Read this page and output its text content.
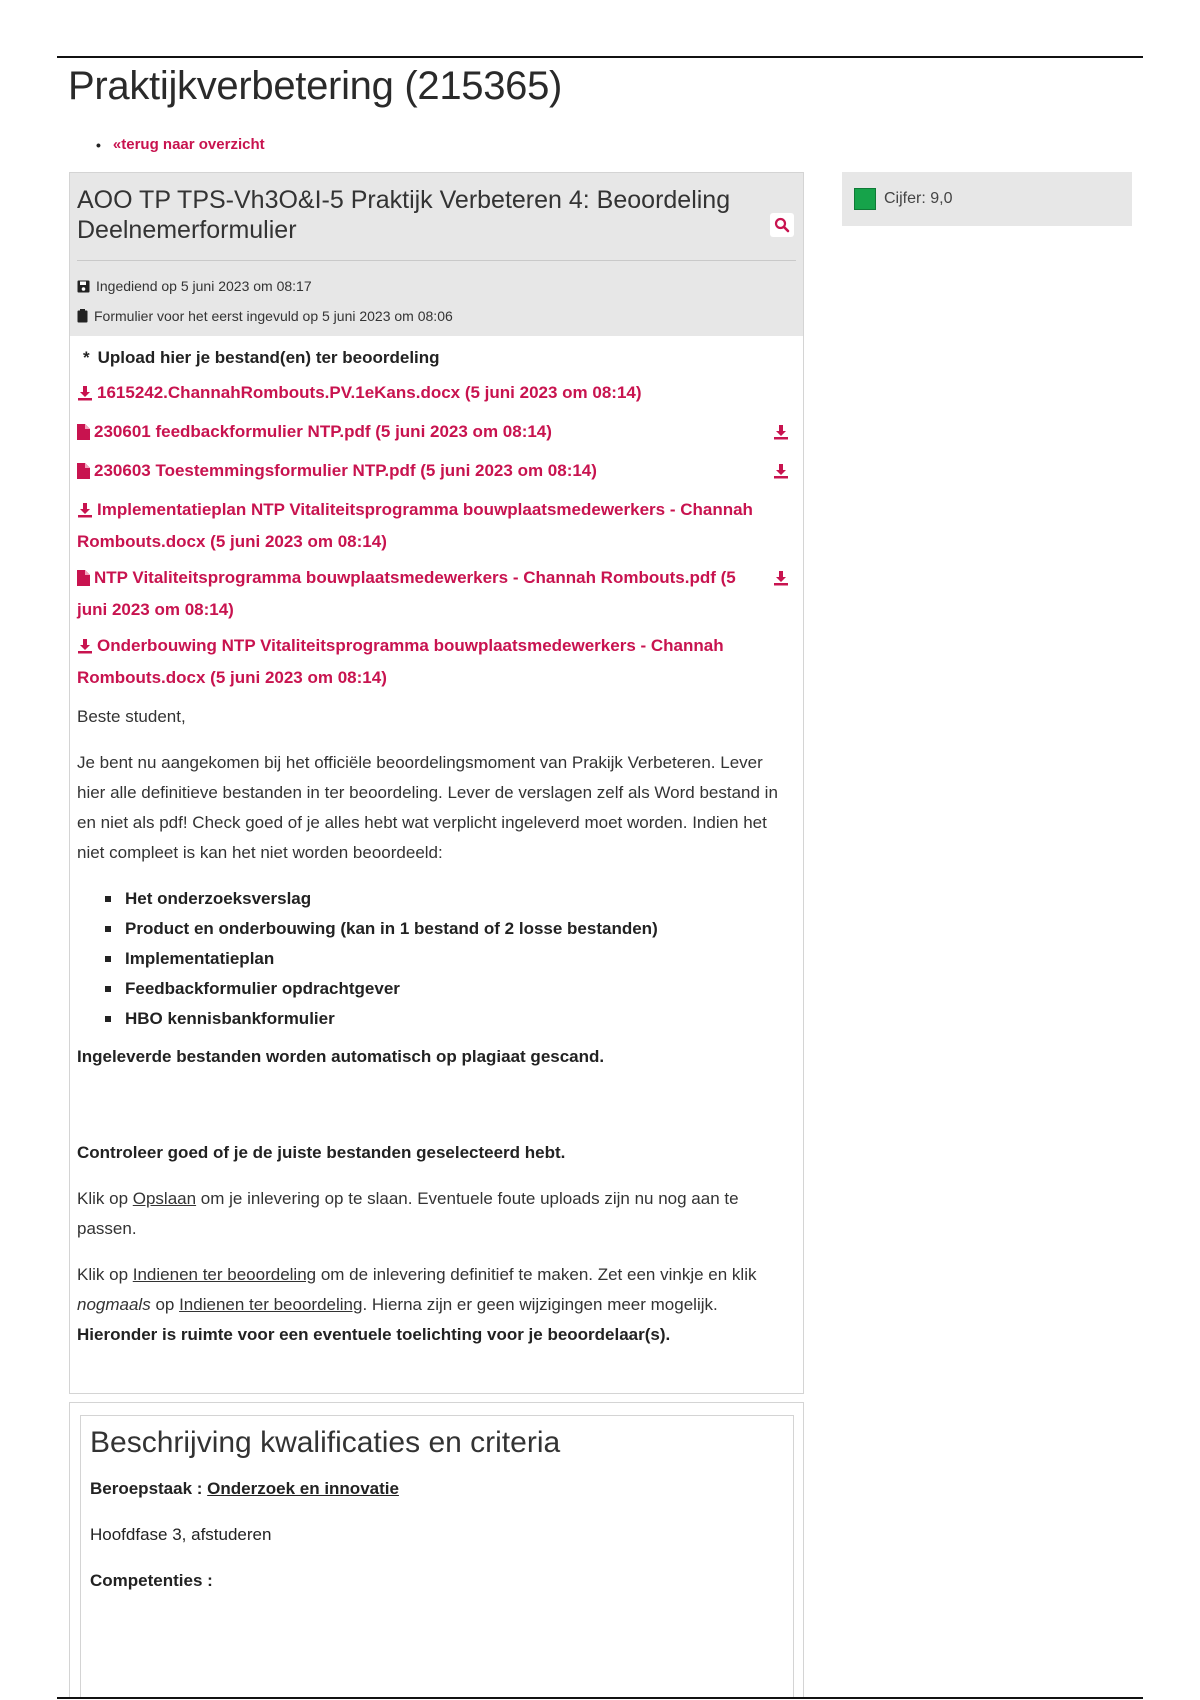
Praktijkverbetering (215365)
• «terug naar overzicht
AOO TP TPS-Vh3O&I-5 Praktijk Verbeteren 4: Beoordeling Deelnemerformulier
Ingediend op 5 juni 2023 om 08:17
Formulier voor het eerst ingevuld op 5 juni 2023 om 08:06
* Upload hier je bestand(en) ter beoordeling
1615242.ChannahRombouts.PV.1eKans.docx (5 juni 2023 om 08:14)
230601 feedbackformulier NTP.pdf (5 juni 2023 om 08:14)
230603 Toestemmingsformulier NTP.pdf (5 juni 2023 om 08:14)
Implementatieplan NTP Vitaliteitsprogramma bouwplaatsmedewerkers - Channah Rombouts.docx (5 juni 2023 om 08:14)
NTP Vitaliteitsprogramma bouwplaatsmedewerkers - Channah Rombouts.pdf (5 juni 2023 om 08:14)
Onderbouwing NTP Vitaliteitsprogramma bouwplaatsmedewerkers - Channah Rombouts.docx (5 juni 2023 om 08:14)

Beste student,

Je bent nu aangekomen bij het officiële beoordelingsmoment van Prakijk Verbeteren. Lever hier alle definitieve bestanden in ter beoordeling. Lever de verslagen zelf als Word bestand in en niet als pdf! Check goed of je alles hebt wat verplicht ingeleverd moet worden. Indien het niet compleet is kan het niet worden beoordeeld:

Het onderzoeksverslag
Product en onderbouwing (kan in 1 bestand of 2 losse bestanden)
Implementatieplan
Feedbackformulier opdrachtgever
HBO kennisbankformulier
Ingeleverde bestanden worden automatisch op plagiaat gescand.
Controleer goed of je de juiste bestanden geselecteerd hebt.

Klik op Opslaan om je inlevering op te slaan. Eventuele foute uploads zijn nu nog aan te passen.

Klik op Indienen ter beoordeling om de inlevering definitief te maken. Zet een vinkje en klik nogmaals op Indienen ter beoordeling. Hierna zijn er geen wijzigingen meer mogelijk.

Hieronder is ruimte voor een eventuele toelichting voor je beoordelaar(s).
Cijfer: 9,0
Beschrijving kwalificaties en criteria
Beroepstaak : Onderzoek en innovatie
Hoofdfase 3, afstuderen
Competenties :
